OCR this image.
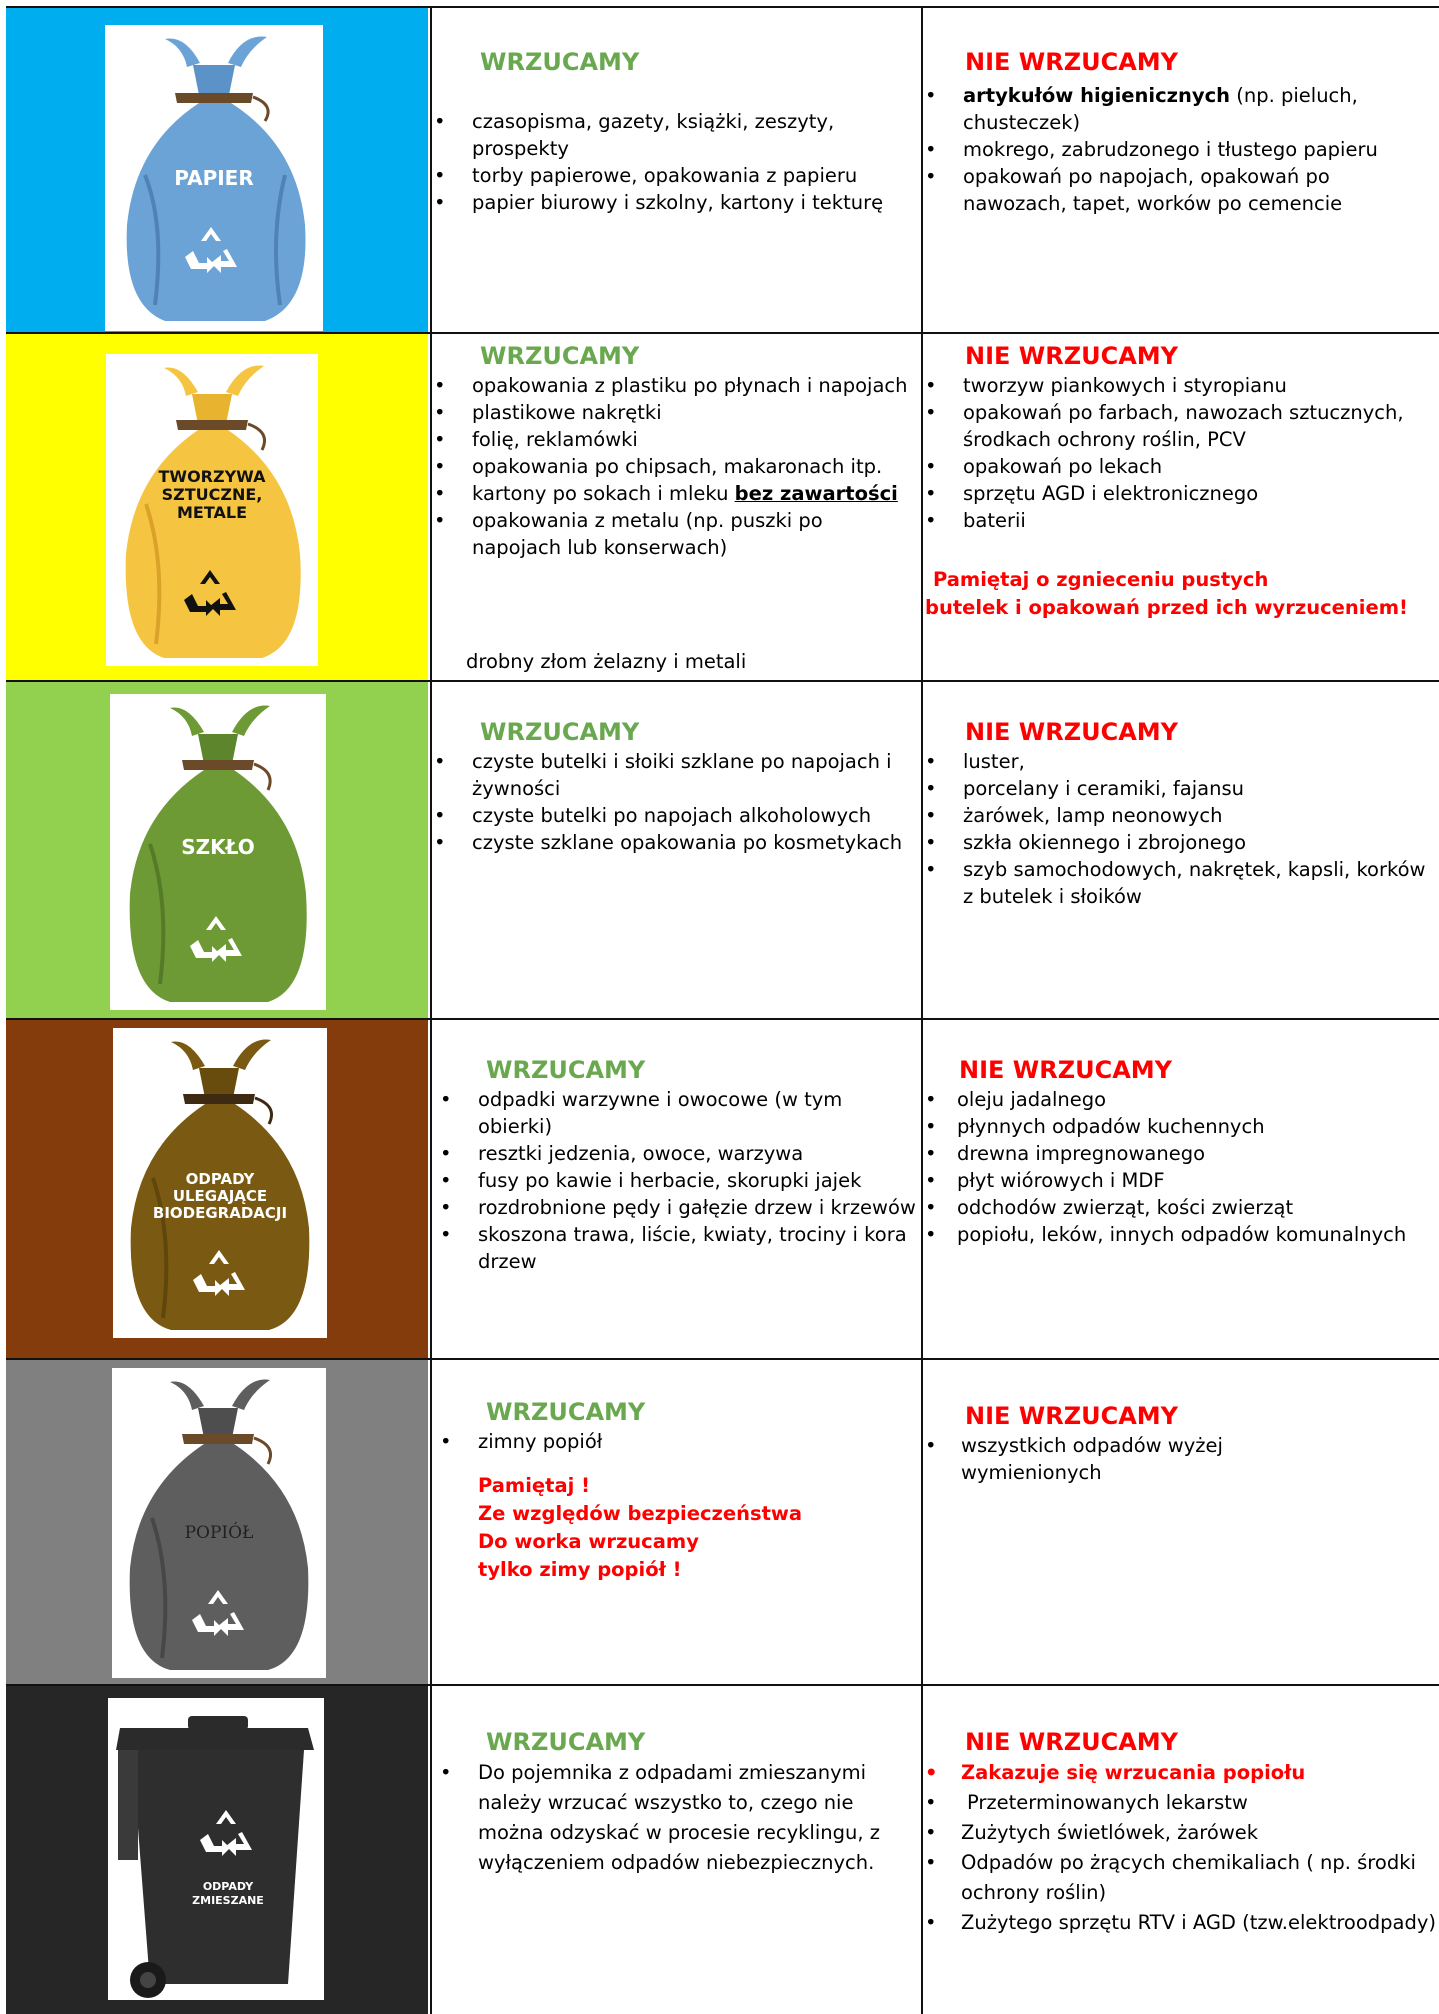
PAPIER
WRZUCAMY
• czasopisma, gazety, książki, zeszyty, prospekty
• torby papierowe, opakowania z papieru
• papier biurowy i szkolny, kartony i tekturę
NIE WRZUCAMY
• artykułów higienicznych (np. pieluch, chusteczek)
• mokrego, zabrudzonego i tłustego papieru
• opakowań po napojach, opakowań po nawozach, tapet, worków po cemencie
TWORZYWA
SZTUCZNE,
METALE
WRZUCAMY
• opakowania z plastiku po płynach i napojach
• plastikowe nakrętki
• folię, reklamówki
• opakowania po chipsach, makaronach itp.
• kartony po sokach i mleku bez zawartości
• opakowania z metalu (np. puszki po napojach lub konserwach)
drobny złom żelazny i metali
NIE WRZUCAMY
• tworzyw piankowych i styropianu
• opakowań po farbach, nawozach sztucznych, środkach ochrony roślin, PCV
• opakowań po lekach
• sprzętu AGD i elektronicznego
• baterii
Pamiętaj o zgnieceniu pustych
butelek i opakowań przed ich wyrzuceniem!
SZKŁO
WRZUCAMY
• czyste butelki i słoiki szklane po napojach i żywności
• czyste butelki po napojach alkoholowych
• czyste szklane opakowania po kosmetykach
NIE WRZUCAMY
• luster,
• porcelany i ceramiki, fajansu
• żarówek, lamp neonowych
• szkła okiennego i zbrojonego
• szyb samochodowych, nakrętek, kapsli, korków z butelek i słoików
ODPADY
ULEGAJĄCE
BIODEGRADACJI
WRZUCAMY
• odpadki warzywne i owocowe (w tym obierki)
• resztki jedzenia, owoce, warzywa
• fusy po kawie i herbacie, skorupki jajek
• rozdrobnione pędy i gałęzie drzew i krzewów
• skoszona trawa, liście, kwiaty, trociny i kora drzew
NIE WRZUCAMY
• oleju jadalnego
• płynnych odpadów kuchennych
• drewna impregnowanego
• płyt wiórowych i MDF
• odchodów zwierząt, kości zwierząt
• popiołu, leków, innych odpadów komunalnych
POPIÓŁ
WRZUCAMY
• zimny popiół
Pamiętaj !
Ze względów bezpieczeństwa
Do worka wrzucamy
tylko zimy popiół !
NIE WRZUCAMY
• wszystkich odpadów wyżej wymienionych
ODPADY
ZMIESZANE
WRZUCAMY
• Do pojemnika z odpadami zmieszanymi należy wrzucać wszystko to, czego nie można odzyskać w procesie recyklingu, z wyłączeniem odpadów niebezpiecznych.
NIE WRZUCAMY
• Zakazuje się wrzucania popiołu
• Przeterminowanych lekarstw
• Zużytych świetlówek, żarówek
• Odpadów po żrących chemikaliach ( np. środki ochrony roślin)
• Zużytego sprzętu RTV i AGD (tzw.elektroodpady)
